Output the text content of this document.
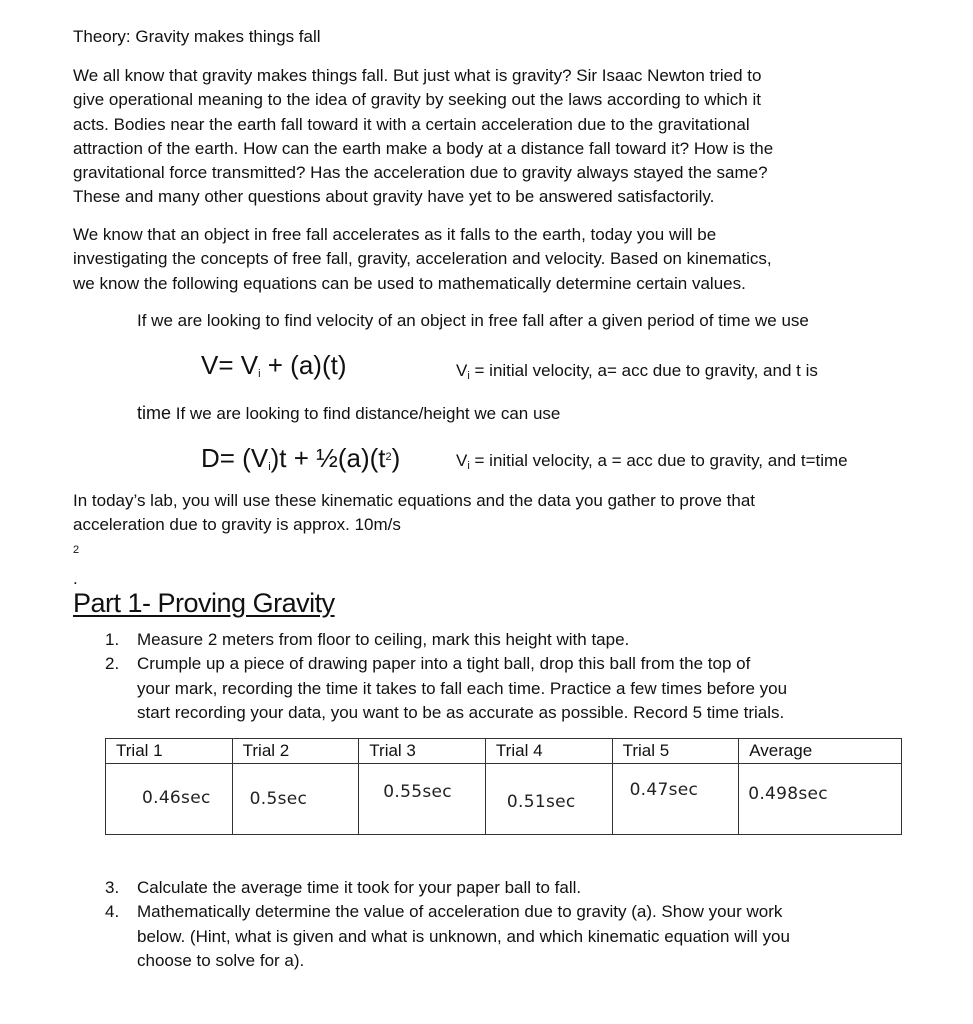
Theory: Gravity makes things fall

We all know that gravity makes things fall. But just what is gravity? Sir Isaac Newton tried to
give operational meaning to the idea of gravity by seeking out the laws according to which it
acts. Bodies near the earth fall toward it with a certain acceleration due to the gravitational
attraction of the earth. How can the earth make a body at a distance fall toward it? How is the
gravitational force transmitted? Has the acceleration due to gravity always stayed the same?
These and many other questions about gravity have yet to be answered satisfactorily.
We know that an object in free fall accelerates as it falls to the earth, today you will be
investigating the concepts of free fall, gravity, acceleration and velocity. Based on kinematics,
we know the following equations can be used to mathematically determine certain values.

If we are looking to find velocity of an object in free fall after a given period of time we use

$V= V_i + (a)(t)$	$V_i$ = initial velocity, a= acc due to gravity, and t is

time If we are looking to find distance/height we can use

$D= (V_i)t$ + $\frac{1}{2}(a)(t^2)$	$V_i$ = initial velocity, a = acc due to gravity, and t=time
In today’s lab, you will use these kinematic equations and the data you gather to prove that
acceleration due to gravity is approx. 10m/s
$^2$
.
Part 1- Proving Gravity
1. Measure 2 meters from floor to ceiling, mark this height with tape.
2. Crumple up a piece of drawing paper into a tight ball, drop this ball from the top of
your mark, recording the time it takes to fall each time. Practice a few times before you
start recording your data, you want to be as accurate as possible. Record 5 time trials.
Trial 1	Trial 2	Trial 3	Trial 4	Trial 5	Average

0.46sec	0.5sec	0.55sec	0.51sec	0.47sec	0.498sec
3. Calculate the average time it took for your paper ball to fall.
4. Mathematically determine the value of acceleration due to gravity (a). Show your work
below. (Hint, what is given and what is unknown, and which kinematic equation will you
choose to solve for a).
